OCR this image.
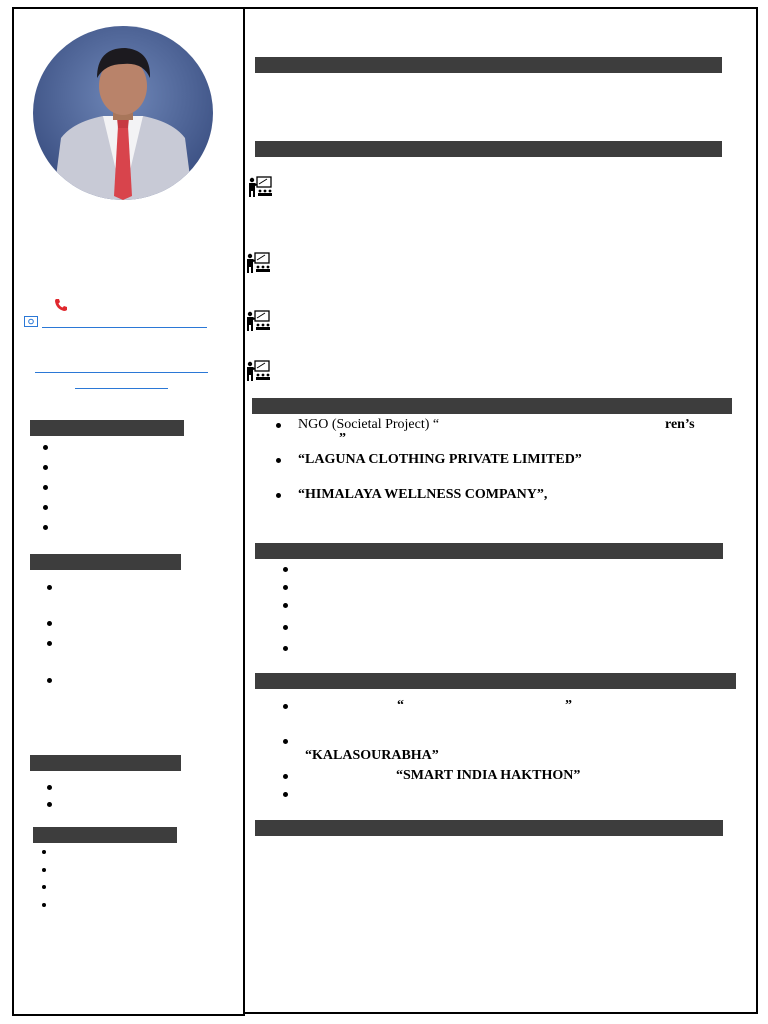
NGO (Societal Project) “	ren’s
”
“LAGUNA CLOTHING PRIVATE LIMITED”
“HIMALAYA WELLNESS COMPANY”,
“	”
“KALASOURABHA”
“SMART INDIA HAKTHON”
